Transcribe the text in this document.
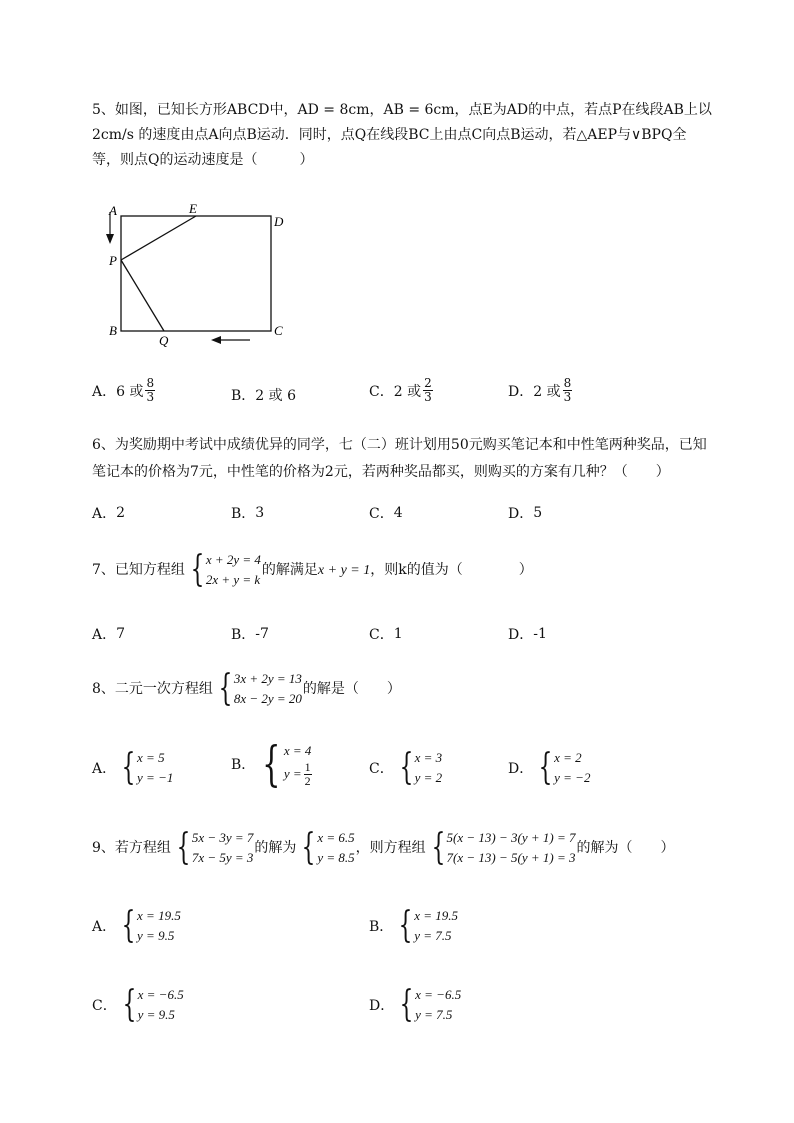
5、如图，已知长方形ABCD中，AD = 8cm，AB = 6cm，点E为AD的中点，若点P在线段AB上以
2cm/s 的速度由点A向点B运动．同时，点Q在线段BC上由点C向点B运动，若△AEP与∨BPQ全
等，则点Q的运动速度是（　　　）
A	E
D
P
B
Q
C
A． 6 或 $\frac{8}{3}$	B． 2 或 6	C． 2 或 $\frac{2}{3}$	D． 2 或 $\frac{8}{3}$
6、为奖励期中考试中成绩优异的同学，七（二）班计划用50元购买笔记本和中性笔两种奖品，已知
笔记本的价格为7元，中性笔的价格为2元，若两种奖品都买，则购买的方案有几种？（　　）
A． 2	B． 3	C． 4	D． 5
7、已知方程组 { x + 2y = 4
2x + y = k
的解满足 x + y = 1 ，则k的值为（　　　　）
A． 7	B． -7	C． 1	D． -1
8、二元一次方程组 { 3x + 2y = 13
8x − 2y = 20
的解是（　　）
A． { x = 5
y = −1
B． { x = 4
$y = \frac{1}{2}$	C． { x = 3
y = 2
D． { x = 2
y = −2
9、若方程组 { 5x − 3y = 7
7x − 5y = 3
的解为 { x = 6.5
y = 8.5
，则方程组 { 5(x − 13) − 3(y + 1) = 7
7(x − 13) − 5(y + 1) = 3
的解为（　　）
A． { x = 19.5
y = 9.5
B． { x = 19.5
y = 7.5
C． { x = −6.5
y = 9.5
D． { x = −6.5
y = 7.5
